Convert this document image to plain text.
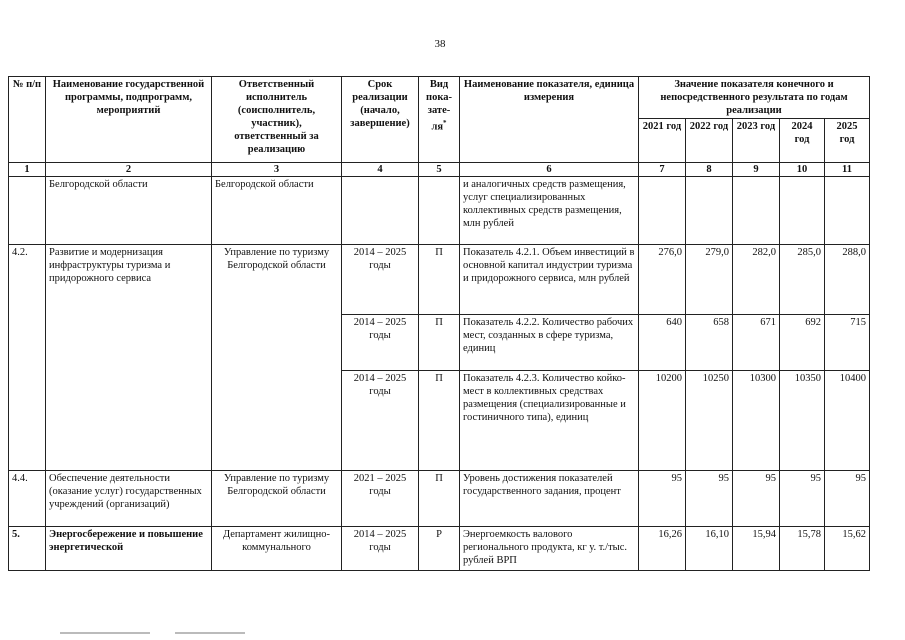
38
№ п/п	Наименование государственной программы, подпрограмм, мероприятий	Ответственный исполнитель (соисполнитель, участник), ответственный за реализацию	Срок реализации (начало, завершение)	Вид пока-зате-ля*	Наименование показателя, единица измерения	Значение показателя конечного и непосредственного результата по годам реализации				
						2021 год	2022 год	2023 год	2024 год	2025 год
1	2	3	4	5	6	7	8	9	10	11
	Белгородской области	Белгородской области			и аналогичных средств размещения, услуг специализированных коллективных средств размещения, млн рублей					
4.2.	Развитие и модернизация инфраструктуры туризма и придорожного сервиса	Управление по туризму Белгородской области	2014 – 2025 годы	П	Показатель 4.2.1. Объем инвестиций в основной капитал индустрии туризма и придорожного сервиса, млн рублей	276,0	279,0	282,0	285,0	288,0
			2014 – 2025 годы	П	Показатель 4.2.2. Количество рабочих мест, созданных в сфере туризма, единиц	640	658	671	692	715
			2014 – 2025 годы	П	Показатель 4.2.3. Количество койко-мест в коллективных средствах размещения (специализированные и гостиничного типа), единиц	10200	10250	10300	10350	10400
4.4.	Обеспечение деятельности (оказание услуг) государственных учреждений (организаций)	Управление по туризму Белгородской области	2021 – 2025 годы	П	Уровень достижения показателей государственного задания, процент	95	95	95	95	95
5.	Энергосбережение и повышение энергетической	Департамент жилищно-коммунального	2014 – 2025 годы	Р	Энергоемкость валового регионального продукта, кг у. т./тыс. рублей ВРП	16,26	16,10	15,94	15,78	15,62
